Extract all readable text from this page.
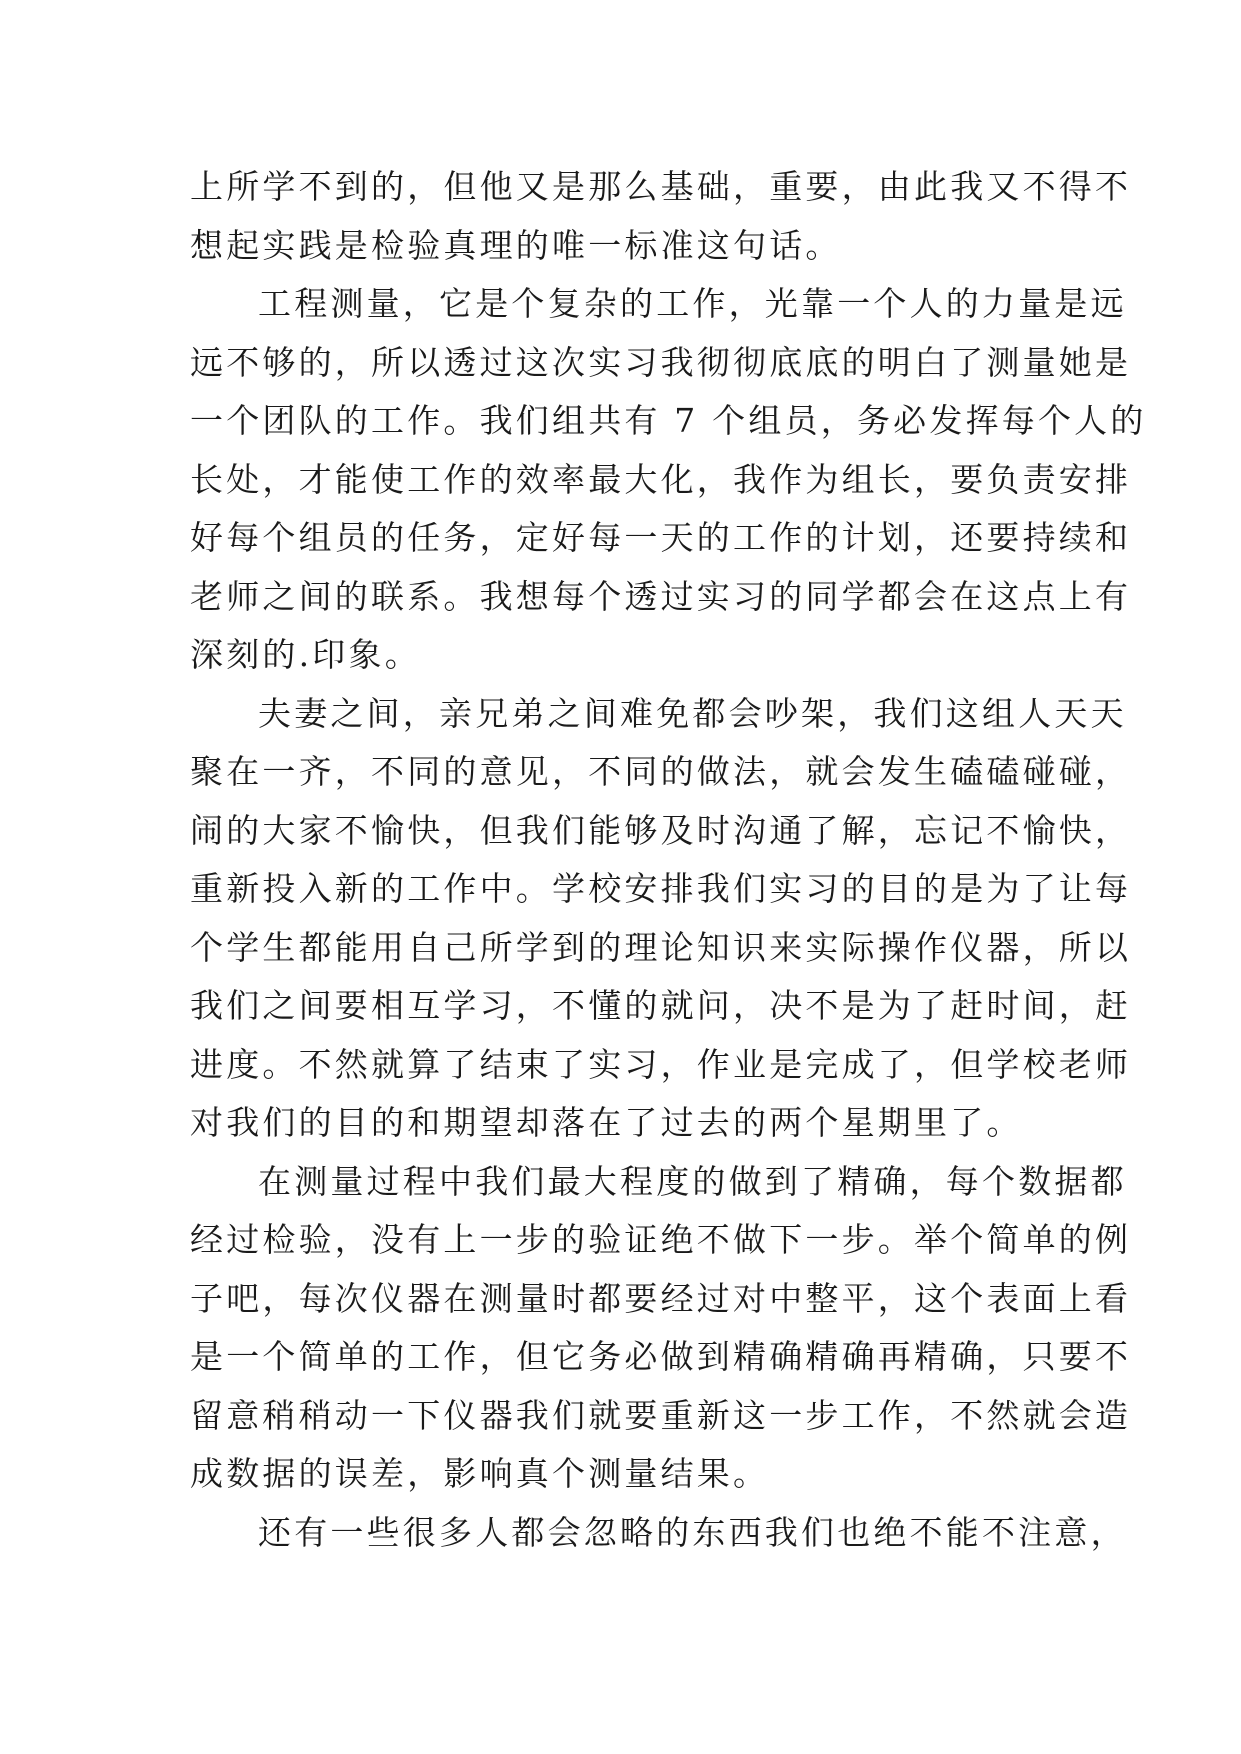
上所学不到的，但他又是那么基础，重要，由此我又不得不
想起实践是检验真理的唯一标准这句话。
工程测量，它是个复杂的工作，光靠一个人的力量是远
远不够的，所以透过这次实习我彻彻底底的明白了测量她是
一个团队的工作。我们组共有 7 个组员，务必发挥每个人的
长处，才能使工作的效率最大化，我作为组长，要负责安排
好每个组员的任务，定好每一天的工作的计划，还要持续和
老师之间的联系。我想每个透过实习的同学都会在这点上有
深刻的.印象。
夫妻之间，亲兄弟之间难免都会吵架，我们这组人天天
聚在一齐，不同的意见，不同的做法，就会发生磕磕碰碰，
闹的大家不愉快，但我们能够及时沟通了解，忘记不愉快，
重新投入新的工作中。学校安排我们实习的目的是为了让每
个学生都能用自己所学到的理论知识来实际操作仪器，所以
我们之间要相互学习，不懂的就问，决不是为了赶时间，赶
进度。不然就算了结束了实习，作业是完成了，但学校老师
对我们的目的和期望却落在了过去的两个星期里了。
在测量过程中我们最大程度的做到了精确，每个数据都
经过检验，没有上一步的验证绝不做下一步。举个简单的例
子吧，每次仪器在测量时都要经过对中整平，这个表面上看
是一个简单的工作，但它务必做到精确精确再精确，只要不
留意稍稍动一下仪器我们就要重新这一步工作，不然就会造
成数据的误差，影响真个测量结果。
还有一些很多人都会忽略的东西我们也绝不能不注意，
